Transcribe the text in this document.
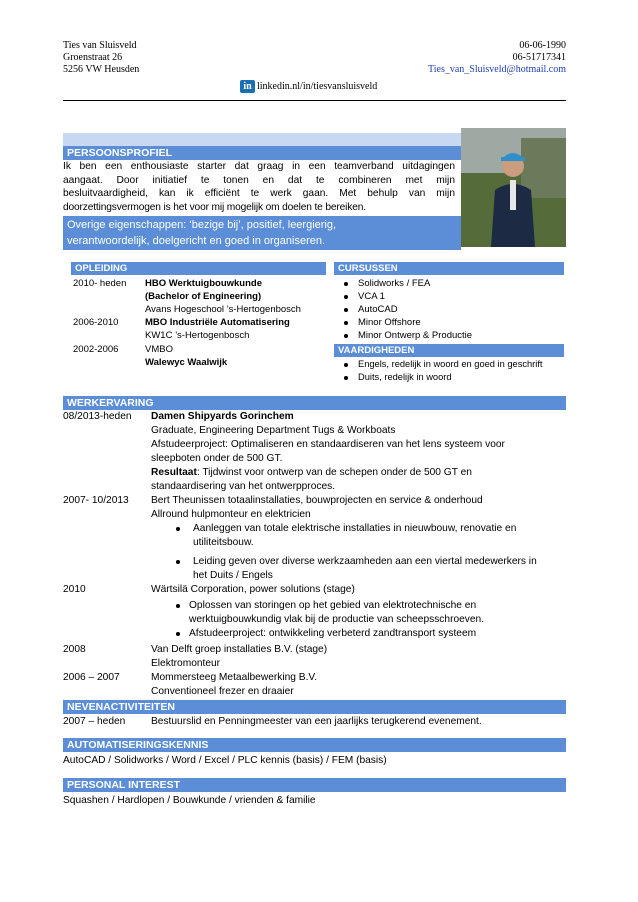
Ties van Sluisveld
Groenstraat 26
5256 VW Heusden
06-06-1990
06-51717341
Ties_van_Sluisveld@hotmail.com
in linkedin.nl/in/tiesvansluisveld
PERSOONSPROFIEL
Ik ben een enthousiaste starter dat graag in een teamverband uitdagingen
aangaat. Door initiatief te tonen en dat te combineren met mijn
besluitvaardigheid, kan ik efficiënt te werk gaan. Met behulp van mijn
doorzettingsvermogen is het voor mij mogelijk om doelen te bereiken.
Overige eigenschappen: ‘bezige bij’, positief, leergierig,
verantwoordelijk, doelgericht en goed in organiseren.
OPLEIDING
2010- heden HBO Werktuigbouwkunde
(Bachelor of Engineering)
Avans Hogeschool ’s-Hertogenbosch
2006-2010	MBO Industriële Automatisering
KW1C ’s-Hertogenbosch
2002-2006	VMBO
Walewyc Waalwijk
CURSUSSEN
Solidworks / FEA
VCA 1
AutoCAD
Minor Offshore
Minor Ontwerp & Productie
VAARDIGHEDEN
Engels, redelijk in woord en goed in geschrift
Duits, redelijk in woord
WERKERVARING
08/2013-heden Damen Shipyards Gorinchem
Graduate, Engineering Department Tugs & Workboats
Afstudeerproject: Optimaliseren en standaardiseren van het lens systeem voor
sleepboten onder de 500 GT.
Resultaat: Tijdwinst voor ontwerp van de schepen onder de 500 GT en
standaardisering van het ontwerpproces.
2007- 10/2013 Bert Theunissen totaalinstallaties, bouwprojecten en service & onderhoud
Allround hulpmonteur en elektricien
Aanleggen van totale elektrische installaties in nieuwbouw, renovatie en
utiliteitsbouw.
Leiding geven over diverse werkzaamheden aan een viertal medewerkers in
het Duits / Engels
2010	Wärtsilä Corporation, power solutions (stage)
Oplossen van storingen op het gebied van elektrotechnische en
werktuigbouwkundig vlak bij de productie van scheepsschroeven.
Afstudeerproject: ontwikkeling verbeterd zandtransport systeem
2008	Van Delft groep installaties B.V. (stage)
Elektromonteur
2006 – 2007	Mommersteeg Metaalbewerking B.V.
Conventioneel frezer en draaier
NEVENACTIVITEITEN
2007 – heden	Bestuurslid en Penningmeester van een jaarlijks terugkerend evenement.
AUTOMATISERINGSKENNIS
AutoCAD / Solidworks / Word / Excel / PLC kennis (basis) / FEM (basis)
PERSONAL INTEREST
Squashen / Hardlopen / Bouwkunde / vrienden & familie
